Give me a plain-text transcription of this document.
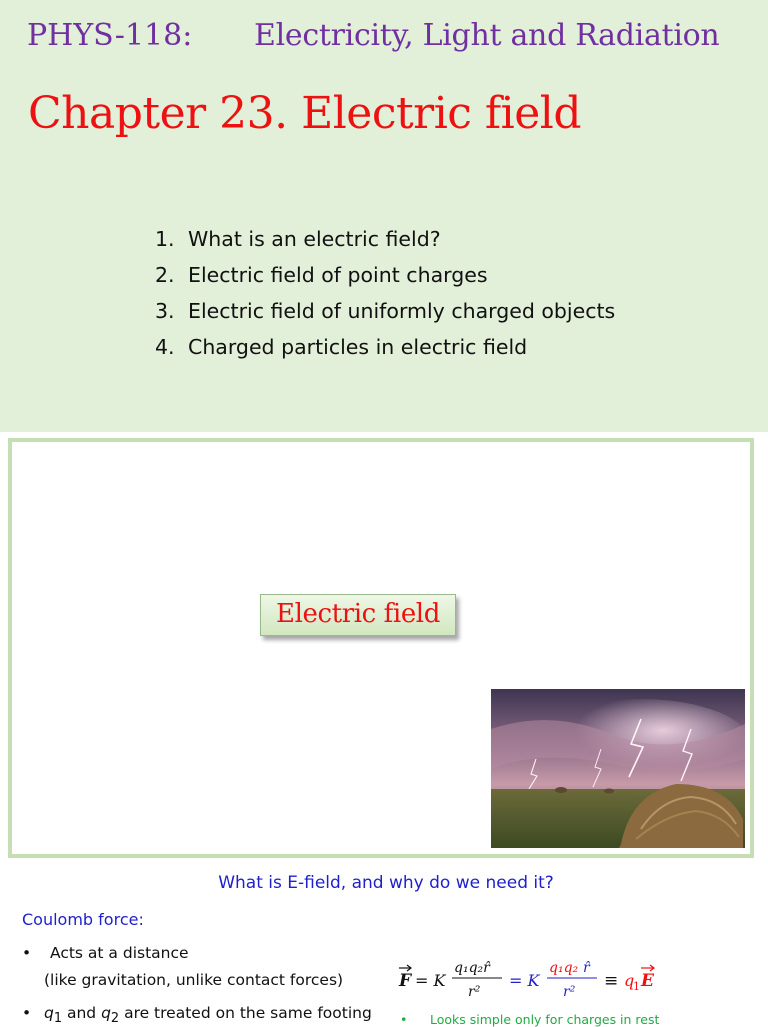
PHYS-118: Electricity, Light and Radiation
Chapter 23. Electric field
1. What is an electric field?
2. Electric field of point charges
3. Electric field of uniformly charged objects
4. Charged particles in electric field
Electric field
What is E-field, and why do we need it?
Coulomb force:
• Acts at a distance
(like gravitation, unlike contact forces)
• $q_1$ and $q_2$ are treated on the same footing
F = K
q₁q₂r̂
r²
= K
q₁q₂ r̂
r²
≡ q
1 E
• Looks simple only for charges in rest
